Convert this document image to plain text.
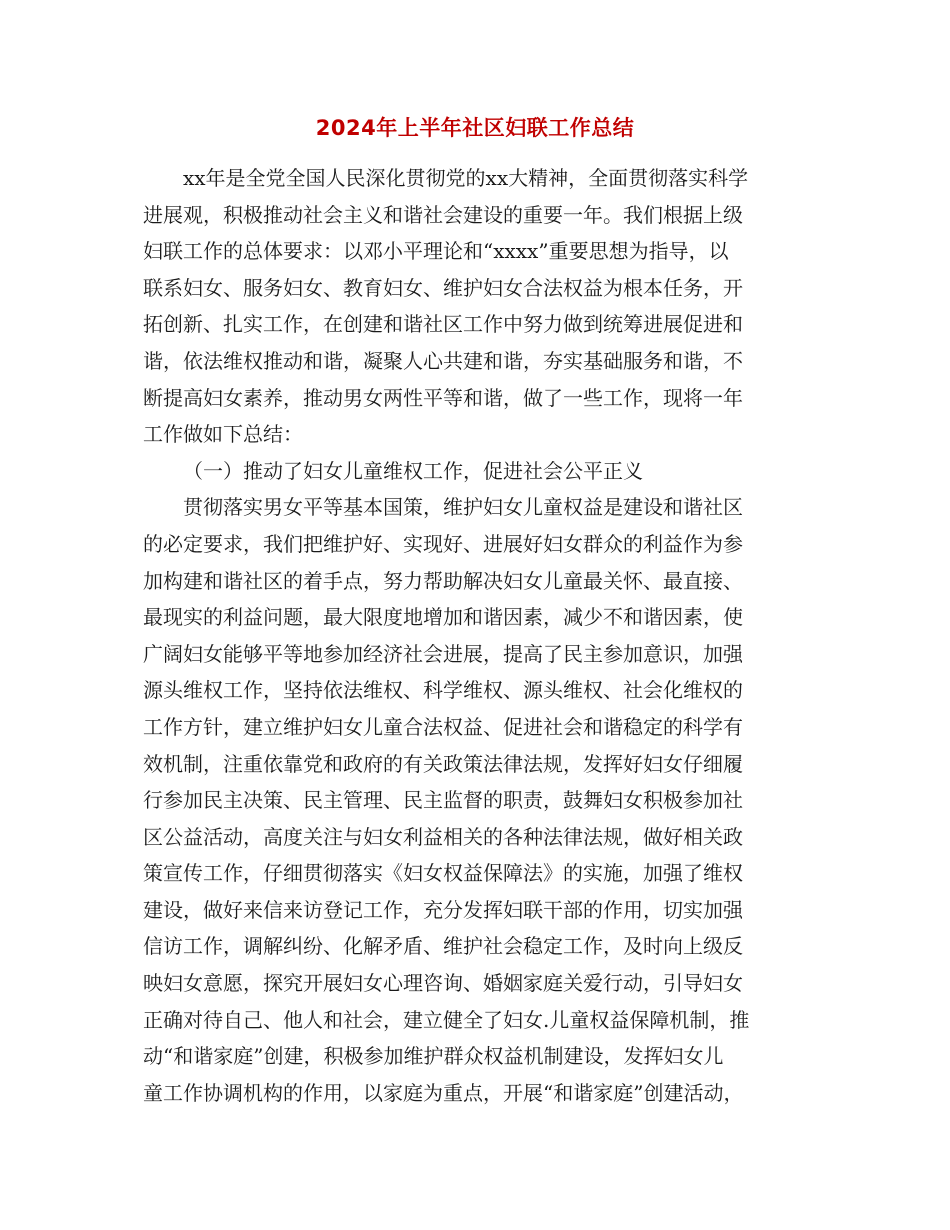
2024年上半年社区妇联工作总结
xx年是全党全国人民深化贯彻党的xx大精神，全面贯彻落实科学
进展观，积极推动社会主义和谐社会建设的重要一年。我们根据上级
妇联工作的总体要求：以邓小平理论和“xxxx”重要思想为指导，以
联系妇女、服务妇女、教育妇女、维护妇女合法权益为根本任务，开
拓创新、扎实工作，在创建和谐社区工作中努力做到统筹进展促进和
谐，依法维权推动和谐，凝聚人心共建和谐，夯实基础服务和谐，不
断提高妇女素养，推动男女两性平等和谐，做了一些工作，现将一年
工作做如下总结：
（一）推动了妇女儿童维权工作，促进社会公平正义
贯彻落实男女平等基本国策，维护妇女儿童权益是建设和谐社区
的必定要求，我们把维护好、实现好、进展好妇女群众的利益作为参
加构建和谐社区的着手点，努力帮助解决妇女儿童最关怀、最直接、
最现实的利益问题，最大限度地增加和谐因素，减少不和谐因素，使
广阔妇女能够平等地参加经济社会进展，提高了民主参加意识，加强
源头维权工作，坚持依法维权、科学维权、源头维权、社会化维权的
工作方针，建立维护妇女儿童合法权益、促进社会和谐稳定的科学有
效机制，注重依靠党和政府的有关政策法律法规，发挥好妇女仔细履
行参加民主决策、民主管理、民主监督的职责，鼓舞妇女积极参加社
区公益活动，高度关注与妇女利益相关的各种法律法规，做好相关政
策宣传工作，仔细贯彻落实《妇女权益保障法》的实施，加强了维权
建设，做好来信来访登记工作，充分发挥妇联干部的作用，切实加强
信访工作，调解纠纷、化解矛盾、维护社会稳定工作，及时向上级反
映妇女意愿，探究开展妇女心理咨询、婚姻家庭关爱行动，引导妇女
正确对待自己、他人和社会，建立健全了妇女.儿童权益保障机制，推
动“和谐家庭”创建，积极参加维护群众权益机制建设，发挥妇女儿
童工作协调机构的作用，以家庭为重点，开展“和谐家庭”创建活动，
